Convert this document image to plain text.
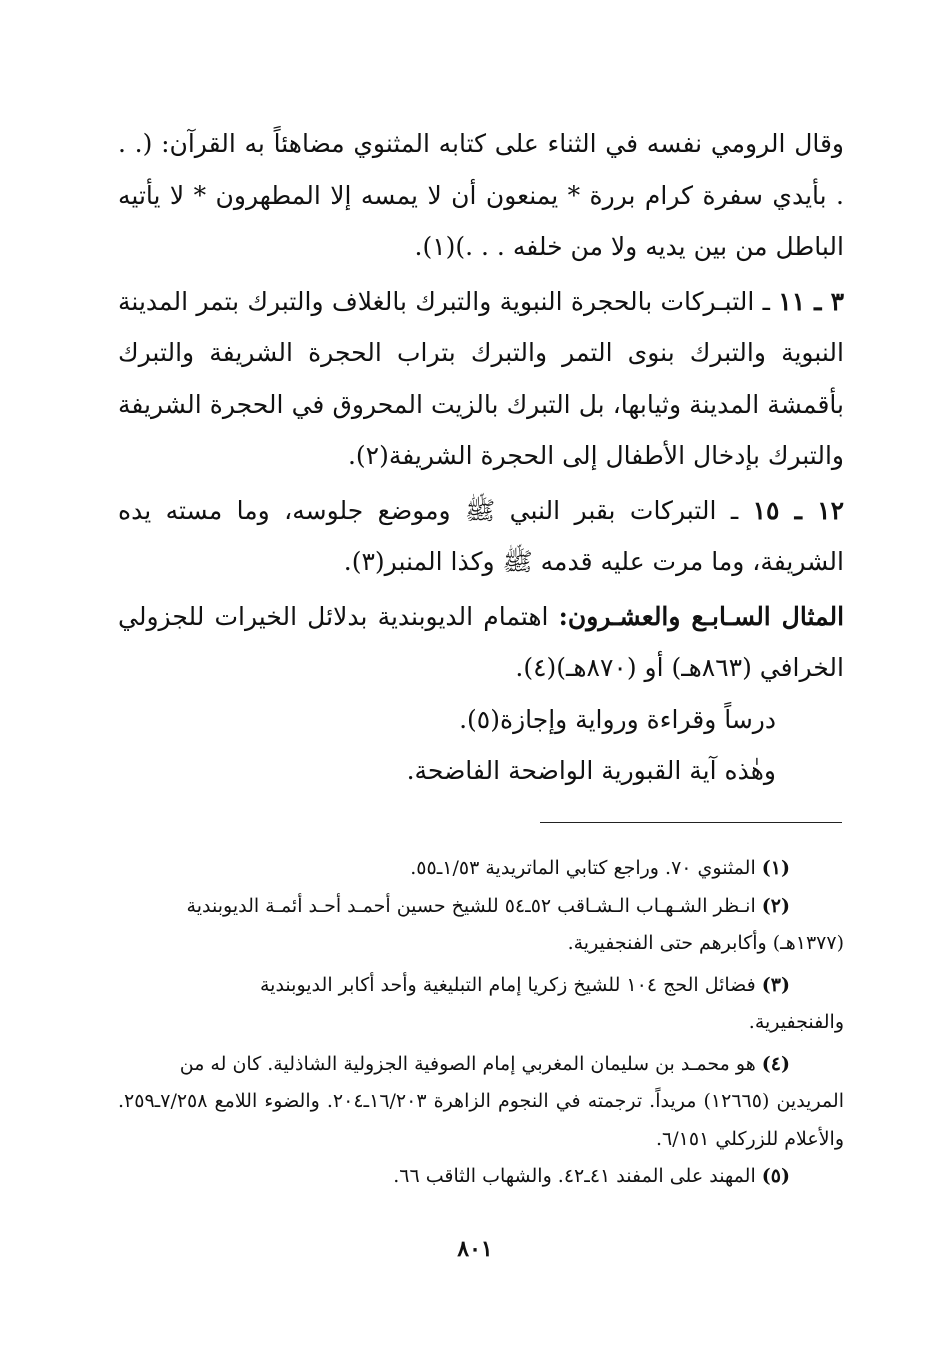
وقال الرومي نفسه في الثناء على كتابه المثنوي مضاهئاً به القرآن: (. . . بأيدي سفرة كرام بررة * يمنعون أن لا يمسه إلا المطهرون * لا يأتيه الباطل من بين يديه ولا من خلفه . . .)(١).

٣ ـ ١١ ـ التبـركات بالحجرة النبوية والتبرك بالغلاف والتبرك بتمر المدينة النبوية والتبرك بنوى التمر والتبرك بتراب الحجرة الشريفة والتبرك بأقمشة المدينة وثيابها، بل التبرك بالزيت المحروق في الحجرة الشريفة والتبرك بإدخال الأطفال إلى الحجرة الشريفة(٢).

١٢ ـ ١٥ ـ التبركات بقبر النبي ﷺ وموضع جلوسه، وما مسته يده الشريفة، وما مرت عليه قدمه ﷺ وكذا المنبر(٣).

المثال السـابـع والعشـرون: اهتمام الديوبندية بدلائل الخيرات للجزولي الخرافي (٨٦٣هـ) أو (٨٧٠هـ)(٤).

درساً وقراءة ورواية وإجازة(٥).

وهٰذه آية القبورية الواضحة الفاضحة.

(١) المثنوي ٧٠. وراجع كتابي الماتريدية ١/٥٣ـ٥٥.

(٢) انـظر الشـهـاب الـشـاقب ٥٢ـ٥٤ للشيخ حسين أحمـد أحـد أئمـة الديوبندية

(١٣٧٧هـ) وأكابرهم حتى الفنجفيرية.

(٣) فضائل الحج ١٠٤ للشيخ زكريا إمام التبليغية وأحد أكابر الديوبندية

والفنجفيرية.

(٤) هو محمـد بن سليمان المغربي إمام الصوفية الجزولية الشاذلية. كان له من

المريدين (١٢٦٦٥) مريداً. ترجمته في النجوم الزاهرة ١٦/٢٠٣ـ٢٠٤. والضوء اللامع ٧/٢٥٨ـ٢٥٩. والأعلام للزركلي ٦/١٥١.

(٥) المهند على المفند ٤١ـ٤٢. والشهاب الثاقب ٦٦.

٨٠١
